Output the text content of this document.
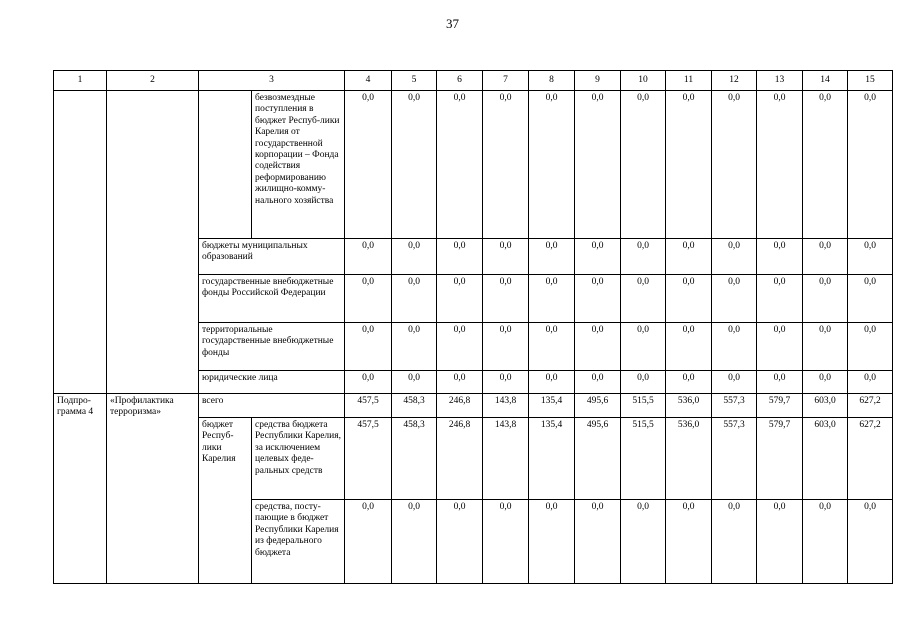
37
1	2	3		4	5	6	7	8	9	10	11	12	13	14	15
			безвозмездные поступления в бюджет Респуб-лики Карелия от государственной корпорации – Фонда содействия реформированию жилищно-комму-нального хозяйства	0,0	0,0	0,0	0,0	0,0	0,0	0,0	0,0	0,0	0,0	0,0	0,0
		бюджеты муниципальных образований		0,0	0,0	0,0	0,0	0,0	0,0	0,0	0,0	0,0	0,0	0,0	0,0
		государственные внебюджетные фонды Российской Федерации		0,0	0,0	0,0	0,0	0,0	0,0	0,0	0,0	0,0	0,0	0,0	0,0
		территориальные государственные внебюджетные фонды		0,0	0,0	0,0	0,0	0,0	0,0	0,0	0,0	0,0	0,0	0,0	0,0
		юридические лица		0,0	0,0	0,0	0,0	0,0	0,0	0,0	0,0	0,0	0,0	0,0	0,0
Подпро-грамма 4	«Профилактика терроризма»	всего		457,5	458,3	246,8	143,8	135,4	495,6	515,5	536,0	557,3	579,7	603,0	627,2
		бюджет Респуб-лики Карелия	средства бюджета Республики Карелия, за исключением целевых феде-ральных средств	457,5	458,3	246,8	143,8	135,4	495,6	515,5	536,0	557,3	579,7	603,0	627,2
			средства, посту-пающие в бюджет Республики Карелия из федерального бюджета	0,0	0,0	0,0	0,0	0,0	0,0	0,0	0,0	0,0	0,0	0,0	0,0
